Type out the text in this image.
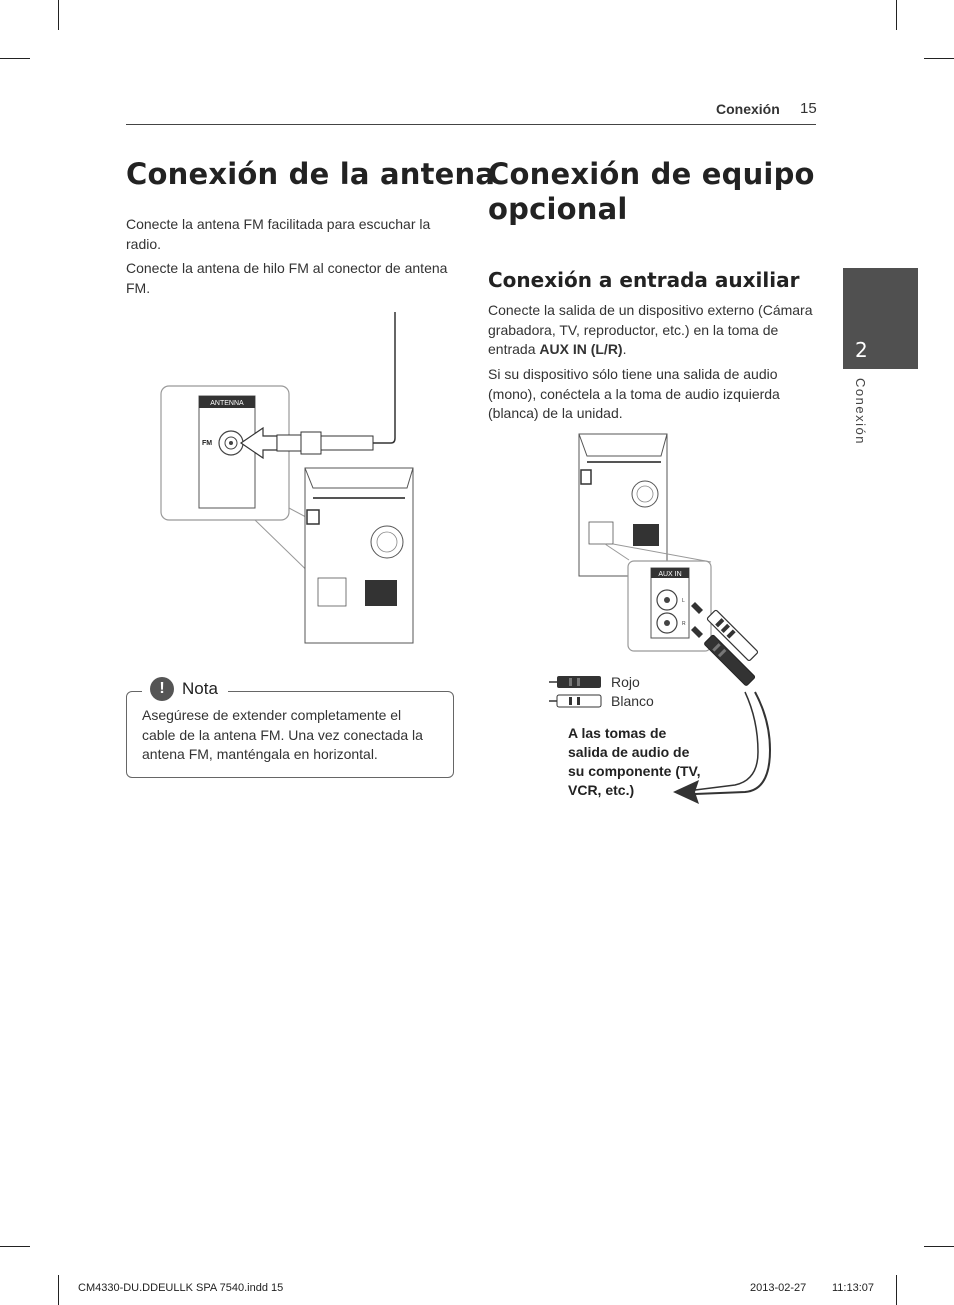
Conexión 15
2
Conexión
Conexión de la antena

Conecte la antena FM facilitada para escuchar la radio.

Conecte la antena de hilo FM al conector de antena FM.

ANTENNA
FM
!	Nota
Asegúrese de extender completamente el
cable de la antena FM. Una vez conectada la
antena FM, manténgala en horizontal.
Conexión de equipo
opcional
Conexión a entrada auxiliar

Conecte la salida de un dispositivo externo (Cámara grabadora, TV, reproductor, etc.) en la toma de entrada AUX IN (L/R).

Si su dispositivo sólo tiene una salida de audio (mono), conéctela a la toma de audio izquierda (blanca) de la unidad.

AUX IN
L
R
Rojo
Blanco
A las tomas de
salida de audio de
su componente (TV,
VCR, etc.)
CM4330-DU.DDEULLK SPA 7540.indd 15	2013-02-27 11:13:07
